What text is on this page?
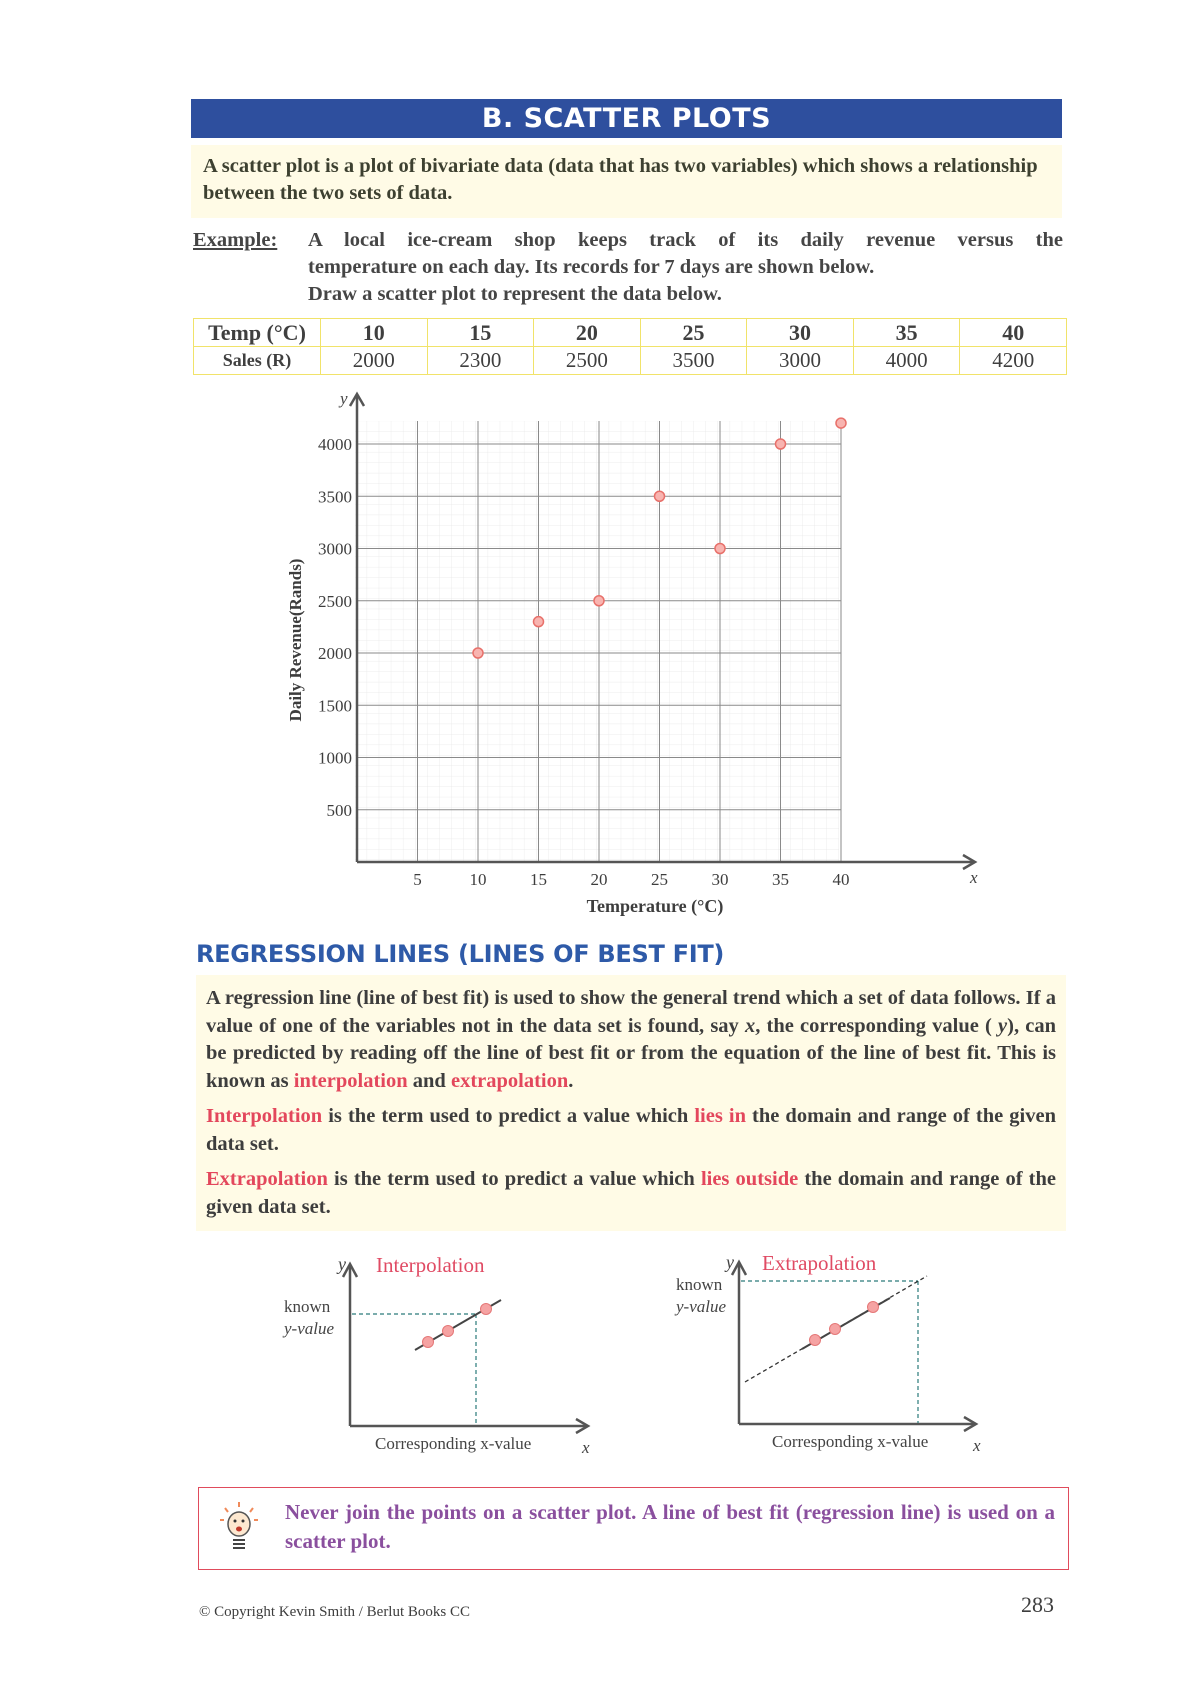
B. SCATTER PLOTS
A scatter plot is a plot of bivariate data (data that has two variables) which shows a relationship between the two sets of data.
Example: A local ice-cream shop keeps track of its daily revenue versus the

temperature on each day. Its records for 7 days are shown below.

Draw a scatter plot to represent the data below.

Temp (°C)	10	15	20	25	30	35	40
Sales (R)	2000	2300	2500	3500	3000	4000	4200
y
x
500
1000
1500
2000
2500
3000
3500
4000
5	10	15	20	25	30	35	40
Daily Revenue(Rands)
Temperature (°C)
REGRESSION LINES (LINES OF BEST FIT)

A regression line (line of best fit) is used to show the general trend which a set of data follows. If a value of one of the variables not in the data set is found, say x, the corresponding value ( y), can be predicted by reading off the line of best fit or from the equation of the line of best fit. This is known as interpolation and extrapolation.

Interpolation is the term used to predict a value which lies in the domain and range of the given data set.

Extrapolation is the term used to predict a value which lies outside the domain and range of the given data set.

y Interpolation
known
y-value
Corresponding x-value	x
y Extrapolation
known
y-value
Corresponding x-value	x
Never join the points on a scatter plot. A line of best fit (regression line) is used on a scatter plot.
© Copyright Kevin Smith / Berlut Books CC	283
